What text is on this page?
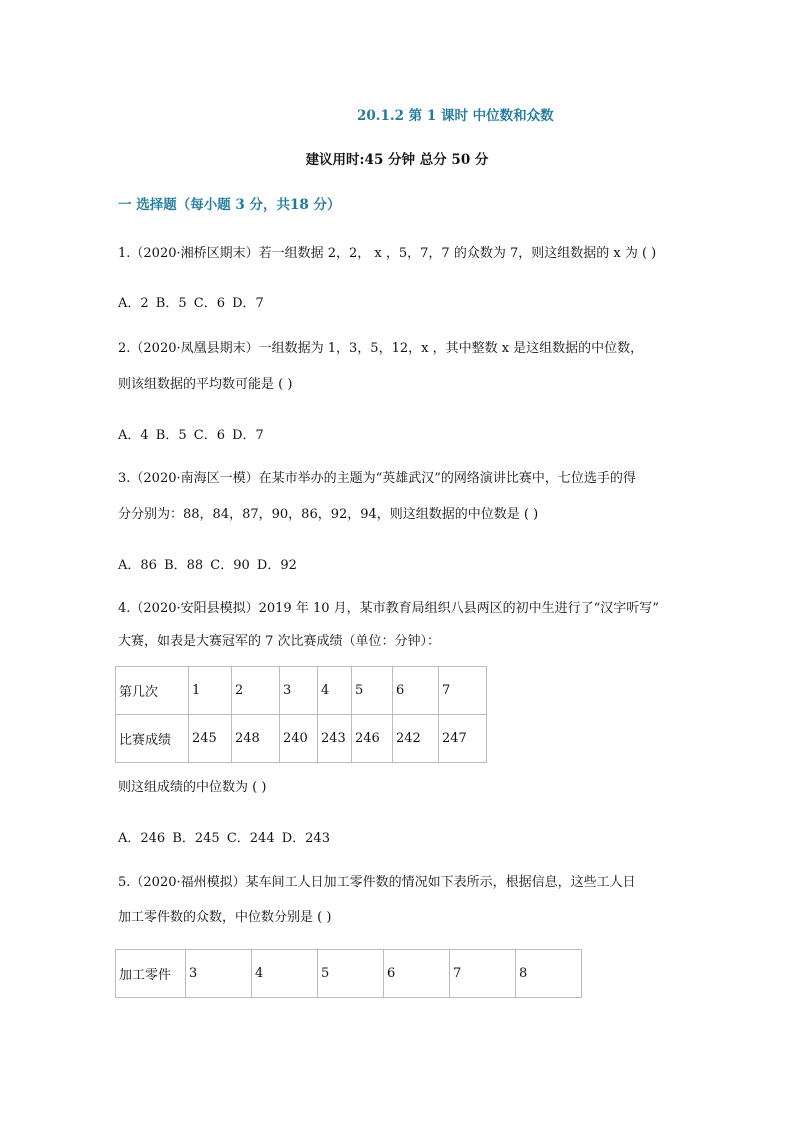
20.1.2 第 1 课时 中位数和众数
建议用时:45 分钟 总分 50 分
一 选择题（每小题 3 分，共18 分）
1.（2020·湘桥区期末）若一组数据 2，2， x ，5，7，7 的众数为 7，则这组数据的 x 为 ( )
A．2 B．5 C．6 D．7
2.（2020·凤凰县期末）一组数据为 1，3，5，12，x ，其中整数 x 是这组数据的中位数，
则该组数据的平均数可能是 ( )
A．4 B．5 C．6 D．7
3.（2020·南海区一模）在某市举办的主题为“英雄武汉”的网络演讲比赛中，七位选手的得
分分别为：88，84，87，90，86，92，94，则这组数据的中位数是 ( )
A．86 B．88 C．90 D．92
4.（2020·安阳县模拟）2019 年 10 月，某市教育局组织八县两区的初中生进行了“汉字听写”
大赛，如表是大赛冠军的 7 次比赛成绩（单位：分钟）：
第几次	1	2	3	4	5	6	7
比赛成绩	245	248	240	243	246	242	247
则这组成绩的中位数为 ( )
A．246 B．245 C．244 D．243
5.（2020·福州模拟）某车间工人日加工零件数的情况如下表所示，根据信息，这些工人日
加工零件数的众数，中位数分别是 ( )
加工零件	3	4	5	6	7	8
